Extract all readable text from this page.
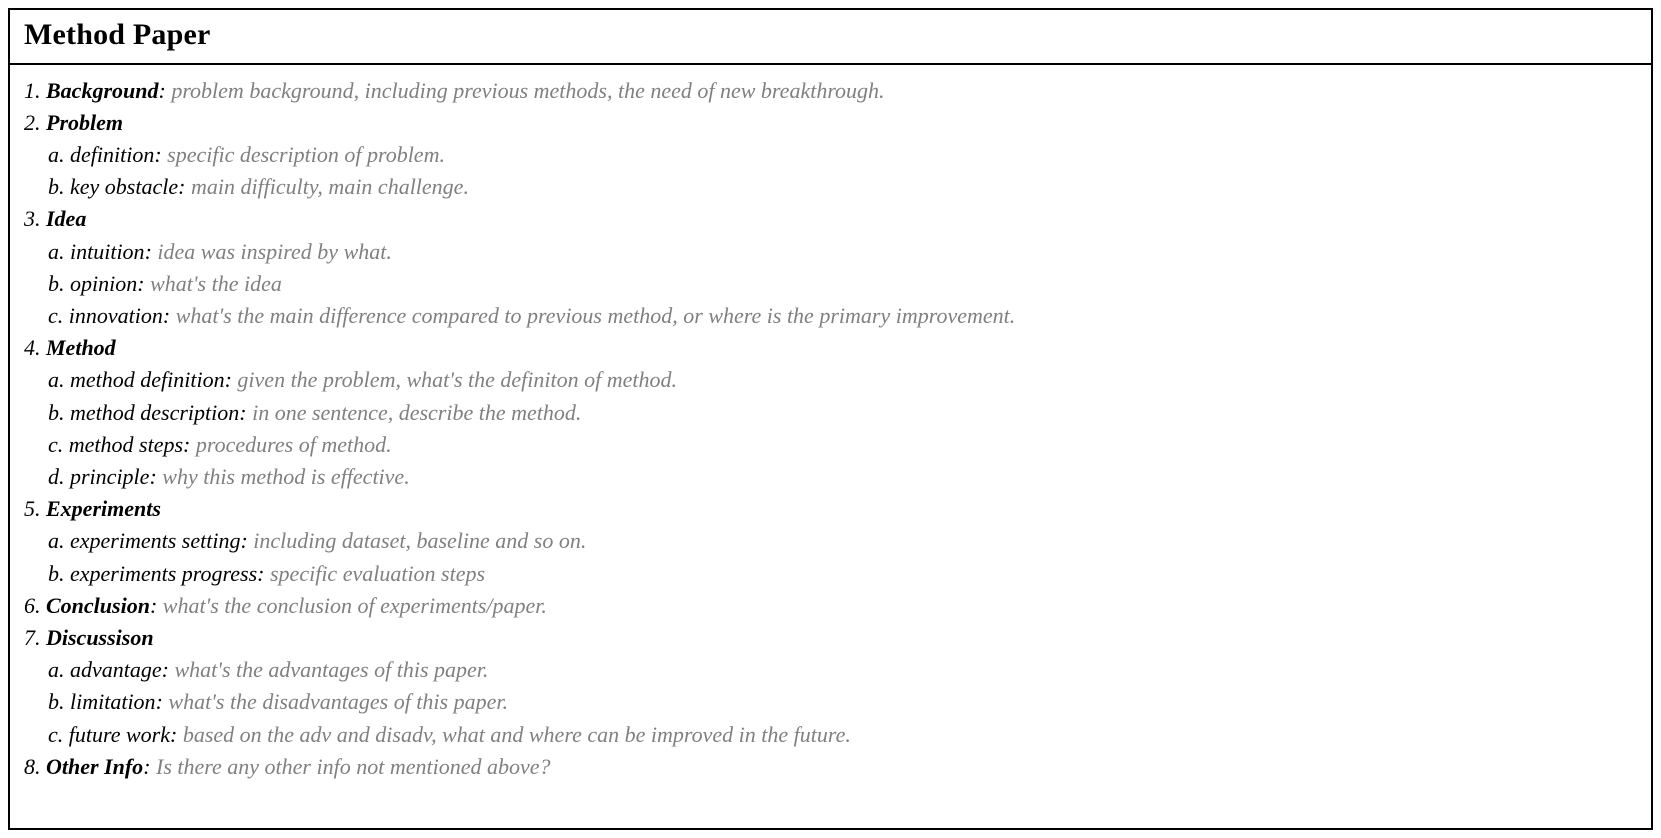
Method Paper
1. Background: problem background, including previous methods, the need of new breakthrough.
2. Problem
a. definition: specific description of problem.
b. key obstacle: main difficulty, main challenge.
3. Idea
a. intuition: idea was inspired by what.
b. opinion: what's the idea
c. innovation: what's the main difference compared to previous method, or where is the primary improvement.
4. Method
a. method definition: given the problem, what's the definiton of method.
b. method description: in one sentence, describe the method.
c. method steps: procedures of method.
d. principle: why this method is effective.
5. Experiments
a. experiments setting: including dataset, baseline and so on.
b. experiments progress: specific evaluation steps
6. Conclusion: what's the conclusion of experiments/paper.
7. Discussison
a. advantage: what's the advantages of this paper.
b. limitation: what's the disadvantages of this paper.
c. future work: based on the adv and disadv, what and where can be improved in the future.
8. Other Info: Is there any other info not mentioned above?
